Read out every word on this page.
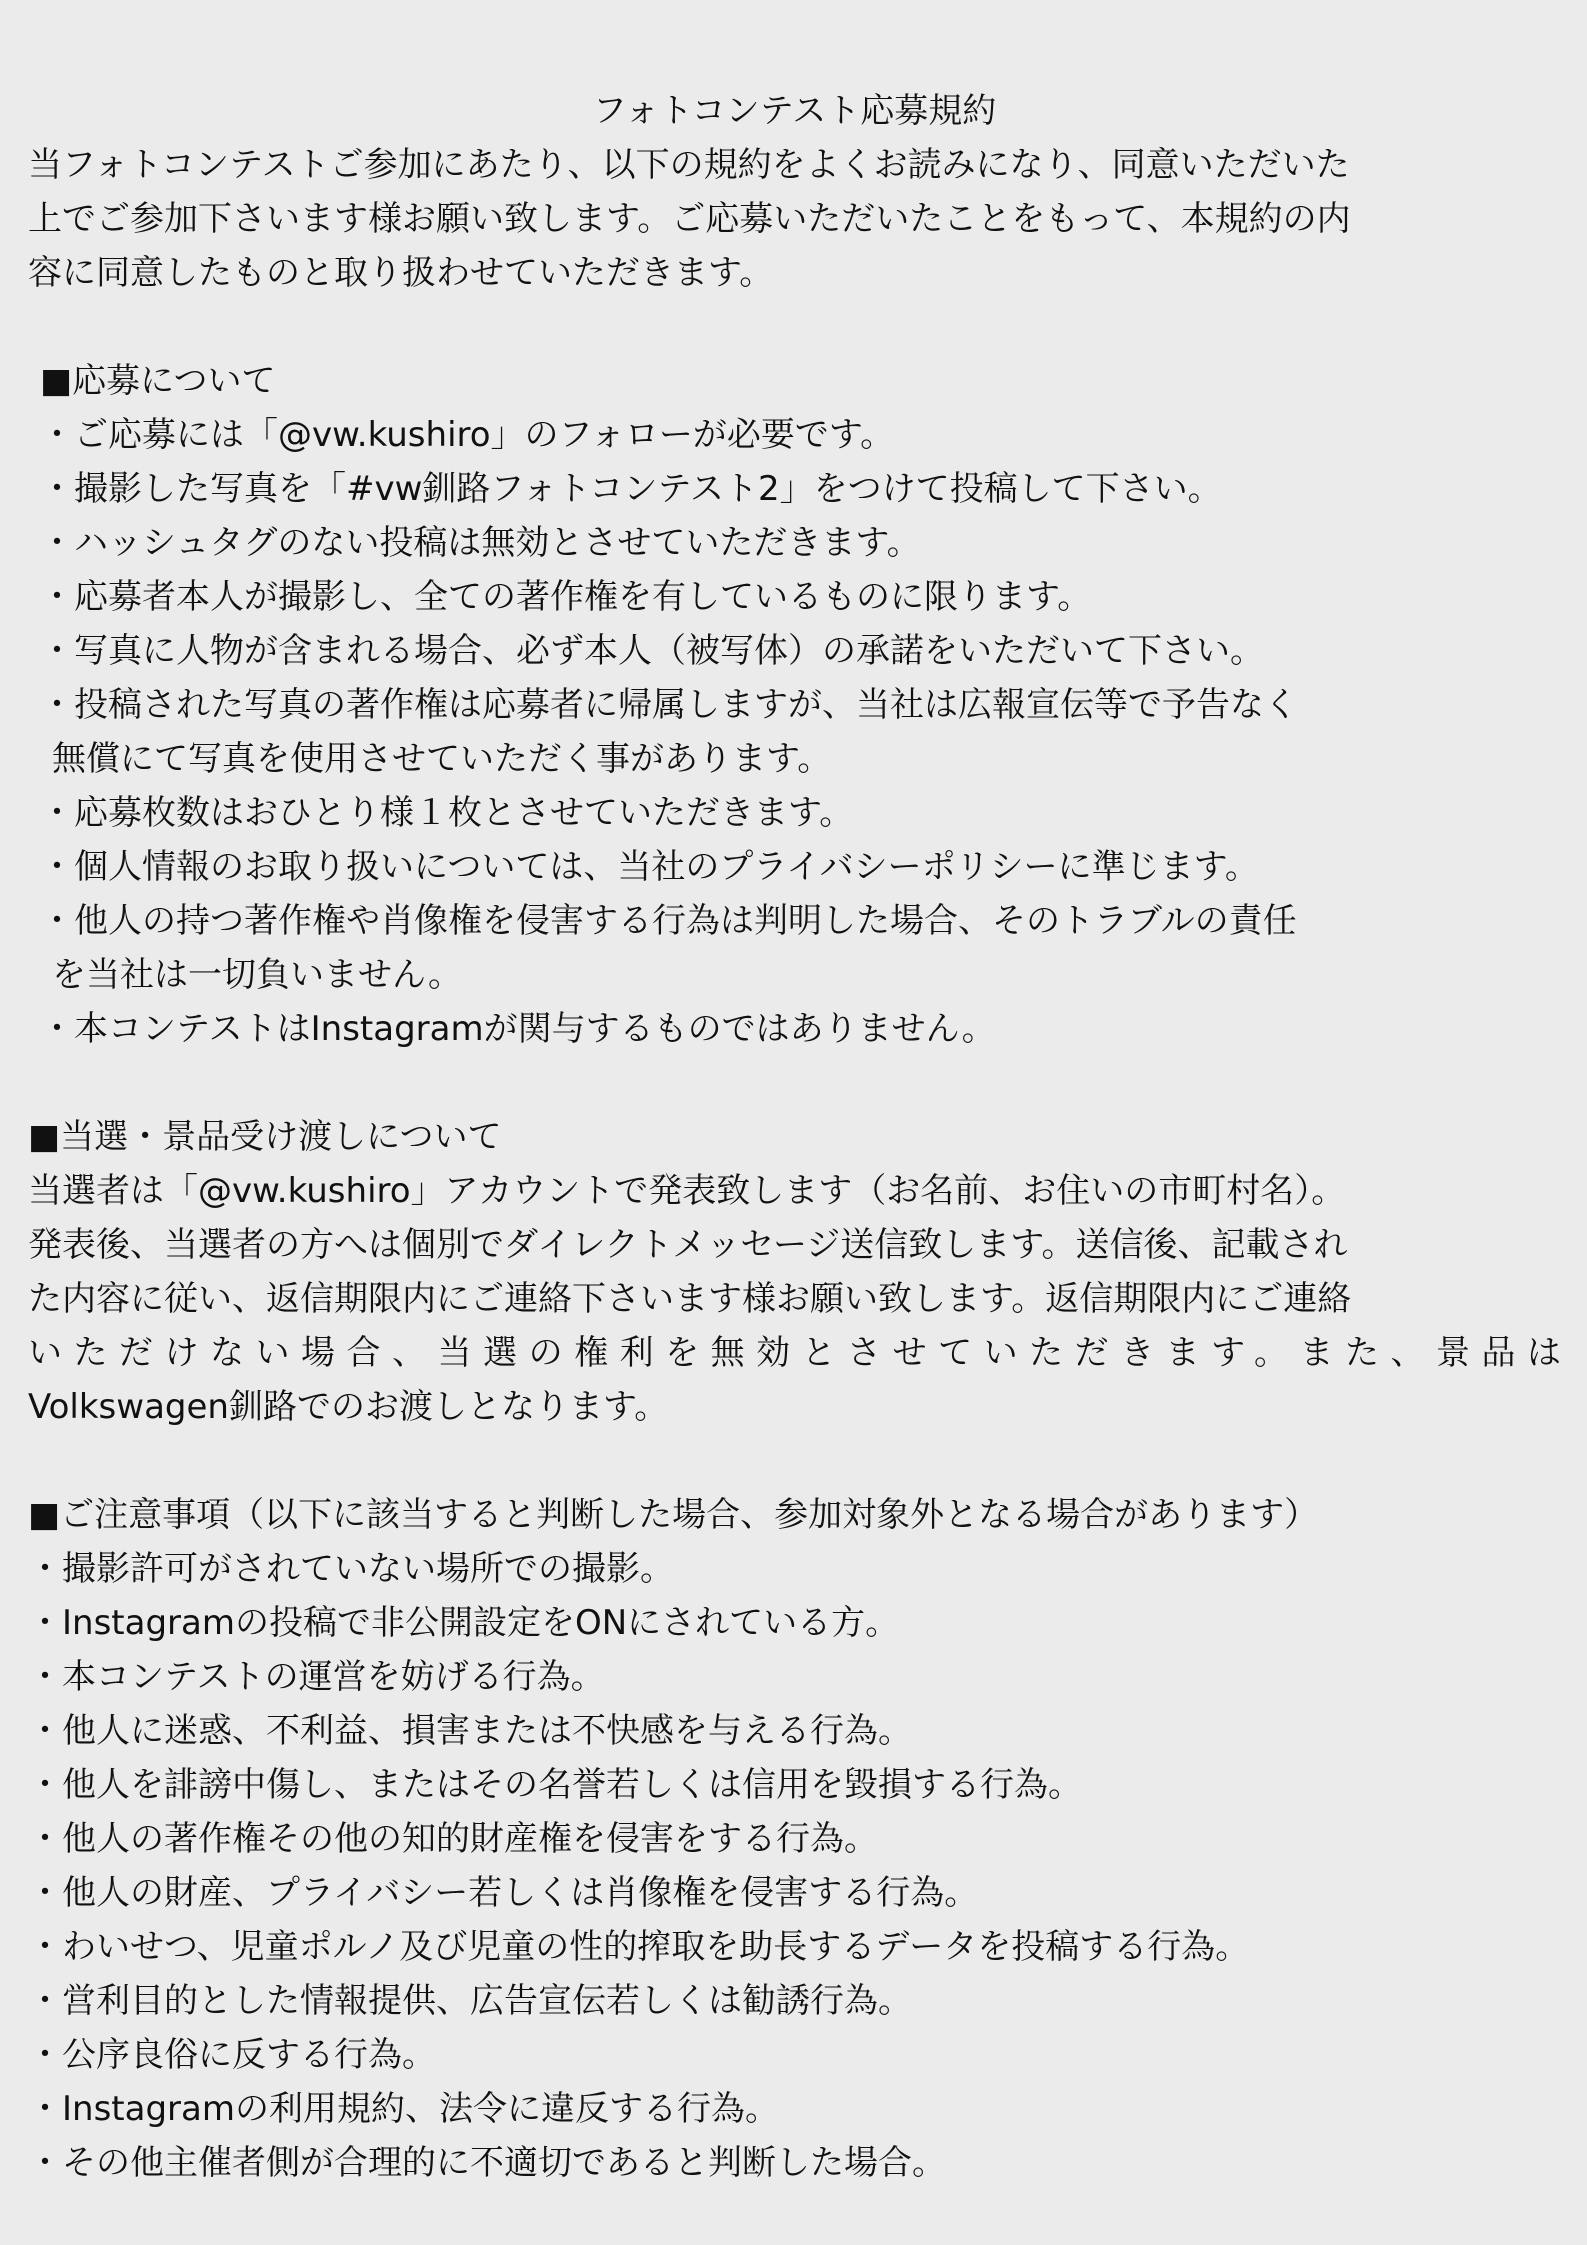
フォトコンテスト応募規約
当フォトコンテストご参加にあたり、以下の規約をよくお読みになり、同意いただいた
上でご参加下さいます様お願い致します。ご応募いただいたことをもって、本規約の内
容に同意したものと取り扱わせていただきます。
■応募について
・ご応募には「@vw.kushiro」のフォローが必要です。
・撮影した写真を「#vw釧路フォトコンテスト2」をつけて投稿して下さい。
・ハッシュタグのない投稿は無効とさせていただきます。
・応募者本人が撮影し、全ての著作権を有しているものに限ります。
・写真に人物が含まれる場合、必ず本人（被写体）の承諾をいただいて下さい。
・投稿された写真の著作権は応募者に帰属しますが、当社は広報宣伝等で予告なく
無償にて写真を使用させていただく事があります。
・応募枚数はおひとり様１枚とさせていただきます。
・個人情報のお取り扱いについては、当社のプライバシーポリシーに準じます。
・他人の持つ著作権や肖像権を侵害する行為は判明した場合、そのトラブルの責任
を当社は一切負いません。
・本コンテストはInstagramが関与するものではありません。
■当選・景品受け渡しについて
当選者は「@vw.kushiro」アカウントで発表致します（お名前、お住いの市町村名）。
発表後、当選者の方へは個別でダイレクトメッセージ送信致します。送信後、記載され
た内容に従い、返信期限内にご連絡下さいます様お願い致します。返信期限内にご連絡
いただけない場合、当選の権利を無効とさせていただきます。また、景品は
Volkswagen釧路でのお渡しとなります。
■ご注意事項（以下に該当すると判断した場合、参加対象外となる場合があります）
・撮影許可がされていない場所での撮影。
・Instagramの投稿で非公開設定をONにされている方。
・本コンテストの運営を妨げる行為。
・他人に迷惑、不利益、損害または不快感を与える行為。
・他人を誹謗中傷し、またはその名誉若しくは信用を毀損する行為。
・他人の著作権その他の知的財産権を侵害をする行為。
・他人の財産、プライバシー若しくは肖像権を侵害する行為。
・わいせつ、児童ポルノ及び児童の性的搾取を助長するデータを投稿する行為。
・営利目的とした情報提供、広告宣伝若しくは勧誘行為。
・公序良俗に反する行為。
・Instagramの利用規約、法令に違反する行為。
・その他主催者側が合理的に不適切であると判断した場合。
